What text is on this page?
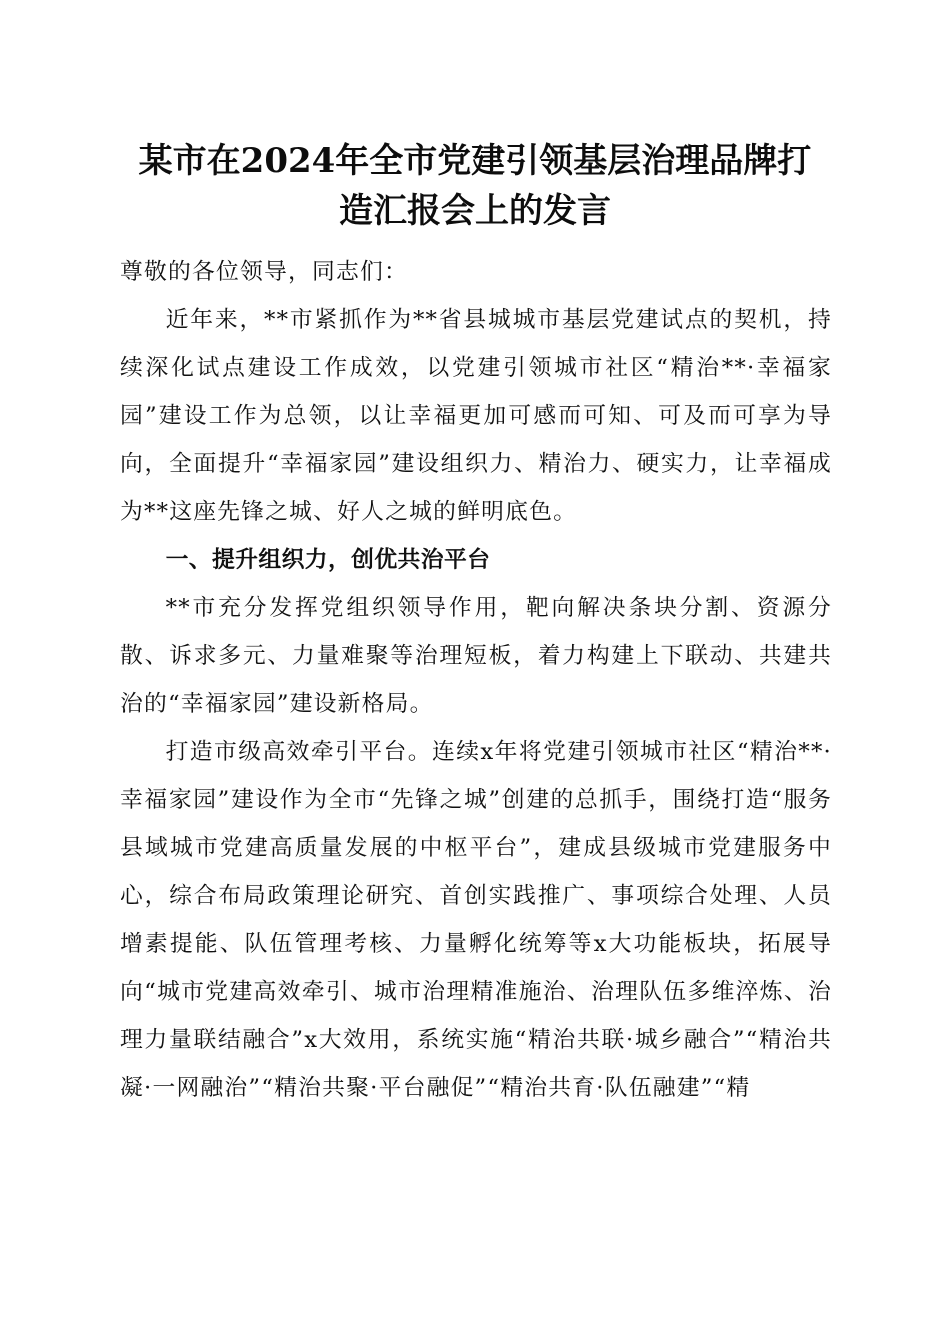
某市在2024年全市党建引领基层治理品牌打
造汇报会上的发言

尊敬的各位领导，同志们：

近年来，**市紧抓作为**省县城城市基层党建试点的契机，持续深化试点建设工作成效，以党建引领城市社区“精治**·幸福家园”建设工作为总领，以让幸福更加可感而可知、可及而可享为导向，全面提升“幸福家园”建设组织力、精治力、硬实力，让幸福成为**这座先锋之城、好人之城的鲜明底色。

一、提升组织力，创优共治平台

**市充分发挥党组织领导作用，靶向解决条块分割、资源分散、诉求多元、力量难聚等治理短板，着力构建上下联动、共建共治的“幸福家园”建设新格局。

打造市级高效牵引平台。连续x年将党建引领城市社区“精治**·幸福家园”建设作为全市“先锋之城”创建的总抓手，围绕打造“服务县域城市党建高质量发展的中枢平台”，建成县级城市党建服务中心，综合布局政策理论研究、首创实践推广、事项综合处理、人员增素提能、队伍管理考核、力量孵化统筹等x大功能板块，拓展导向“城市党建高效牵引、城市治理精准施治、治理队伍多维淬炼、治理力量联结融合”x大效用，系统实施“精治共联·城乡融合”“精治共凝·一网融治”“精治共聚·平台融促”“精治共育·队伍融建”“精
